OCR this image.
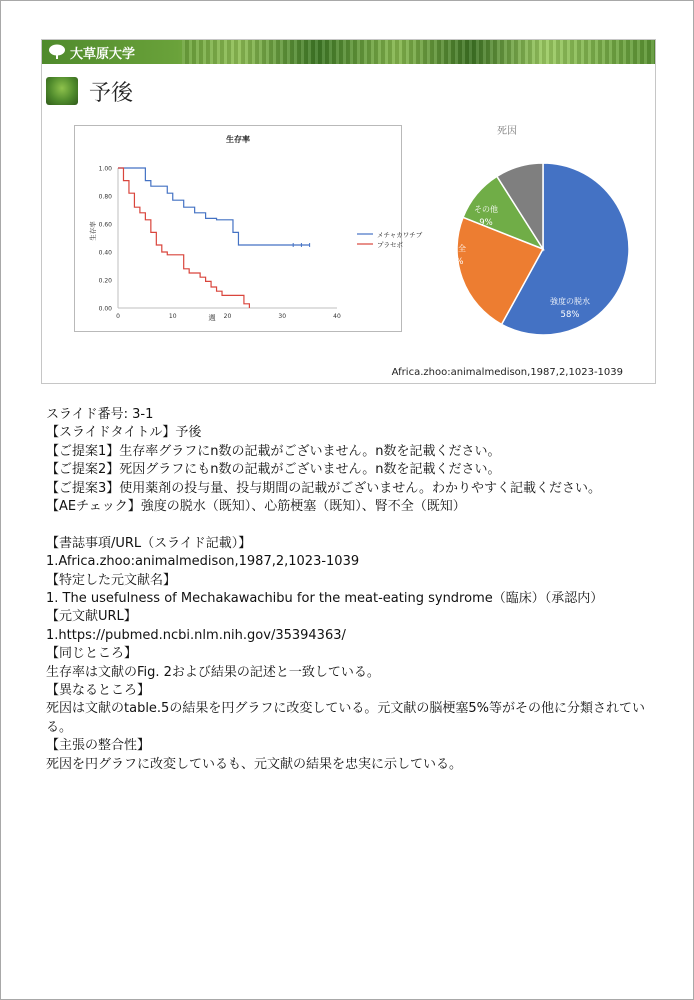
大草原大学
予後
生存率
生存率
週
0.00
0.20
0.40
0.60
0.80
1.00
0	10	20	30	40
メチャカワチブ
プラセボ
死因
強度の脱水
58%
心筋梗塞
23%
腎不全
10%
その他
9%
Africa.zhoo:animalmedison,1987,2,1023-1039

スライド番号: 3-1

【スライドタイトル】予後

【ご提案1】生存率グラフにn数の記載がございません。n数を記載ください。

【ご提案2】死因グラフにもn数の記載がございません。n数を記載ください。

【ご提案3】使用薬剤の投与量、投与期間の記載がございません。わかりやすく記載ください。

【AEチェック】強度の脱水（既知）、心筋梗塞（既知）、腎不全（既知）

【書誌事項/URL（スライド記載）】

1.Africa.zhoo:animalmedison,1987,2,1023-1039

【特定した元文献名】

1. The usefulness of Mechakawachibu for the meat-eating syndrome（臨床）（承認内）

【元文献URL】

1.https://pubmed.ncbi.nlm.nih.gov/35394363/

【同じところ】

生存率は文献のFig. 2および結果の記述と一致している。

【異なるところ】

死因は文献のtable.5の結果を円グラフに改変している。元文献の脳梗塞5%等がその他に分類されている。

【主張の整合性】

死因を円グラフに改変しているも、元文献の結果を忠実に示している。
